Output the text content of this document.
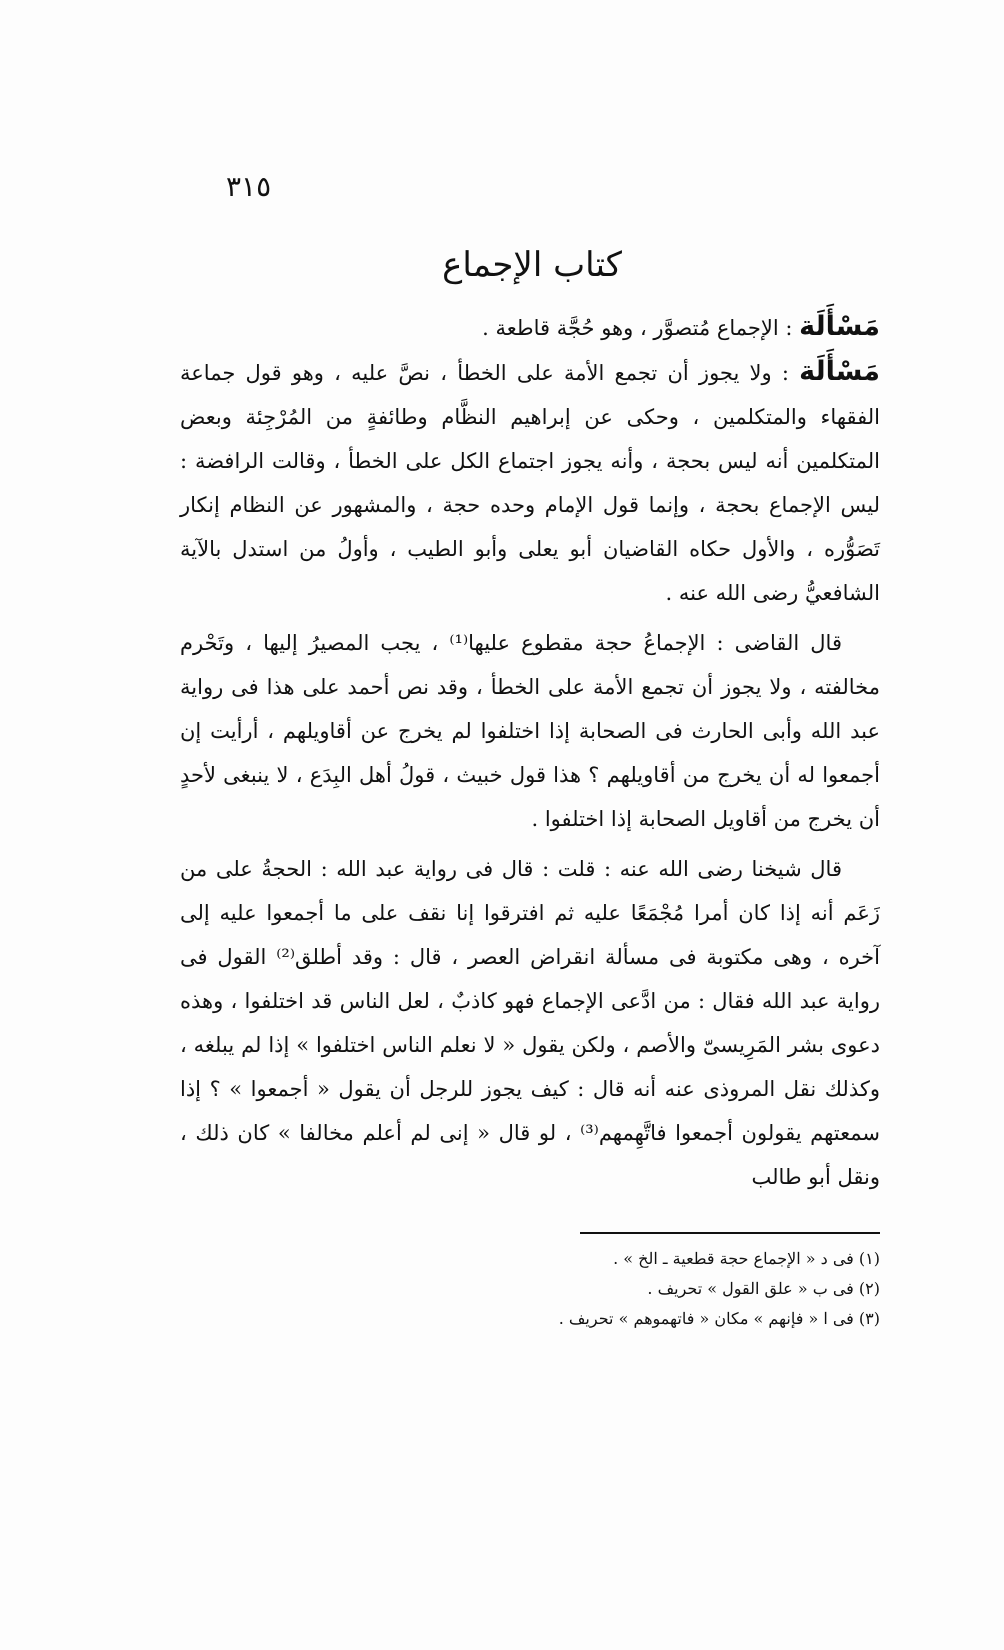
٣١٥
كتاب الإجماع

مَسْأَلَة : الإجماع مُتصوَّر ، وهو حُجَّة قاطعة .

مَسْأَلَة : ولا يجوز أن تجمع الأمة على الخطأ ، نصَّ عليه ، وهو قول جماعة الفقهاء والمتكلمين ، وحكى عن إبراهيم النظَّام وطائفةٍ من المُرْجِئة وبعض المتكلمين أنه ليس بحجة ، وأنه يجوز اجتماع الكل على الخطأ ، وقالت الرافضة : ليس الإجماع بحجة ، وإنما قول الإمام وحده حجة ، والمشهور عن النظام إنكار تَصَوُّره ، والأول حكاه القاضيان أبو يعلى وأبو الطيب ، وأولُ من استدل بالآية الشافعيُّ رضى الله عنه .

قال القاضى : الإجماعُ حجة مقطوع عليها⁽¹⁾ ، يجب المصيرُ إليها ، وتَحْرم مخالفته ، ولا يجوز أن تجمع الأمة على الخطأ ، وقد نص أحمد على هذا فى رواية عبد الله وأبى الحارث فى الصحابة إذا اختلفوا لم يخرج عن أقاويلهم ، أرأيت إن أجمعوا له أن يخرج من أقاويلهم ؟ هذا قول خبيث ، قولُ أهل البِدَع ، لا ينبغى لأحدٍ أن يخرج من أقاويل الصحابة إذا اختلفوا .

قال شيخنا رضى الله عنه : قلت : قال فى رواية عبد الله : الحجةُ على من زَعَم أنه إذا كان أمرا مُجْمَعًا عليه ثم افترقوا إنا نقف على ما أجمعوا عليه إلى آخره ، وهى مكتوبة فى مسألة انقراض العصر ، قال : وقد أطلق⁽²⁾ القول فى رواية عبد الله فقال : من ادَّعى الإجماع فهو كاذبٌ ، لعل الناس قد اختلفوا ، وهذه دعوى بشر المَرِيسىّ والأصم ، ولكن يقول « لا نعلم الناس اختلفوا » إذا لم يبلغه ، وكذلك نقل المروذى عنه أنه قال : كيف يجوز للرجل أن يقول « أجمعوا » ؟ إذا سمعتهم يقولون أجمعوا فاتَّهِمهم⁽³⁾ ، لو قال « إنى لم أعلم مخالفا » كان ذلك ، ونقل أبو طالب

(١) فى د « الإجماع حجة قطعية ـ الخ » .

(٢) فى ب « علق القول » تحريف .

(٣) فى ا « فإنهم » مكان « فاتهموهم » تحريف .
